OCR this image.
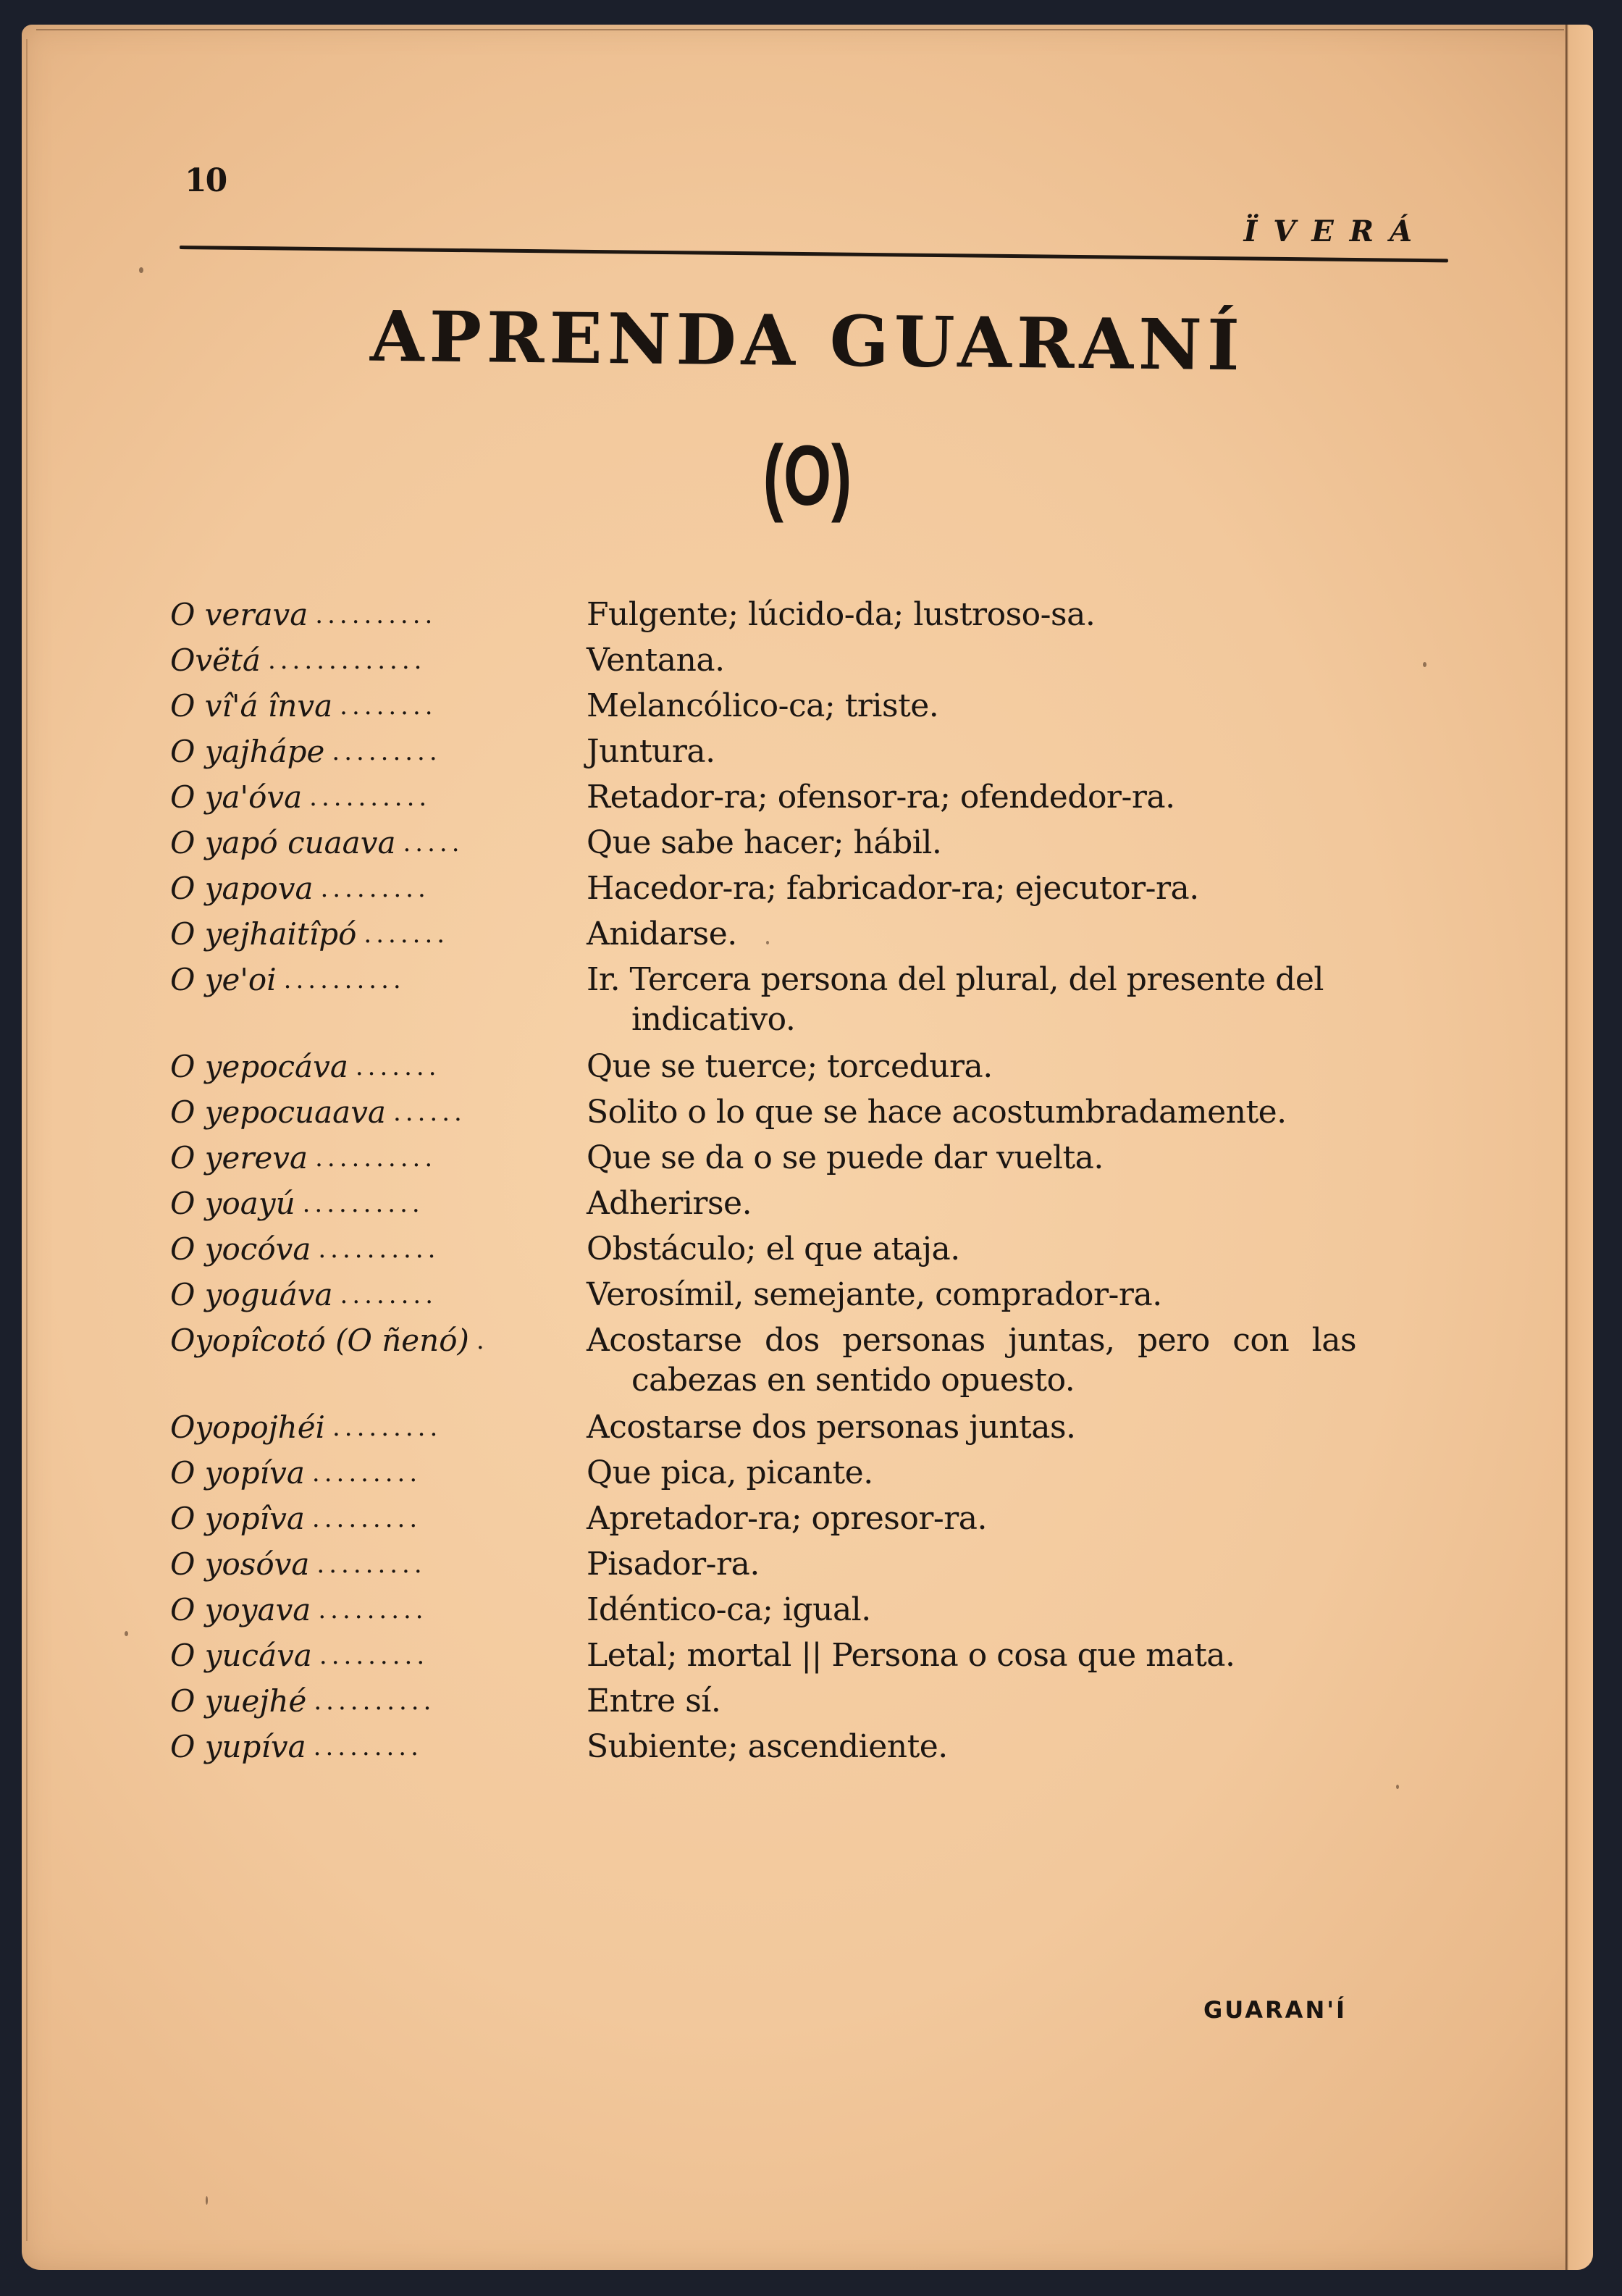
10
ÏVERÁ
APRENDA GUARANÍ
(O)
O verava ..........	Fulgente; lúcido-da; lustroso-sa.
Ovëtá .............	Ventana.
O vî'á înva ........	Melancólico-ca; triste.
O yajhápe .........	Juntura.
O ya'óva ..........	Retador-ra; ofensor-ra; ofendedor-ra.
O yapó cuaava .....	Que sabe hacer; hábil.
O yapova .........	Hacedor-ra; fabricador-ra; ejecutor-ra.
O yejhaitîpó .......	Anidarse.
O ye'oi ..........	Ir. Tercera persona del plural, del presente del
indicativo.
O yepocáva .......	Que se tuerce; torcedura.
O yepocuaava ......	Solito o lo que se hace acostumbradamente.
O yereva ..........	Que se da o se puede dar vuelta.
O yoayú ..........	Adherirse.
O yocóva ..........	Obstáculo; el que ataja.
O yoguáva ........	Verosímil, semejante, comprador-ra.
Oyopîcotó (O ñenó) .	Acostarse dos personas juntas, pero con las
cabezas en sentido opuesto.
Oyopojhéi .........	Acostarse dos personas juntas.
O yopíva .........	Que pica, picante.
O yopîva .........	Apretador-ra; opresor-ra.
O yosóva .........	Pisador-ra.
O yoyava .........	Idéntico-ca; igual.
O yucáva .........	Letal; mortal || Persona o cosa que mata.
O yuejhé ..........	Entre sí.
O yupíva .........	Subiente; ascendiente.
GUARAN'Í
